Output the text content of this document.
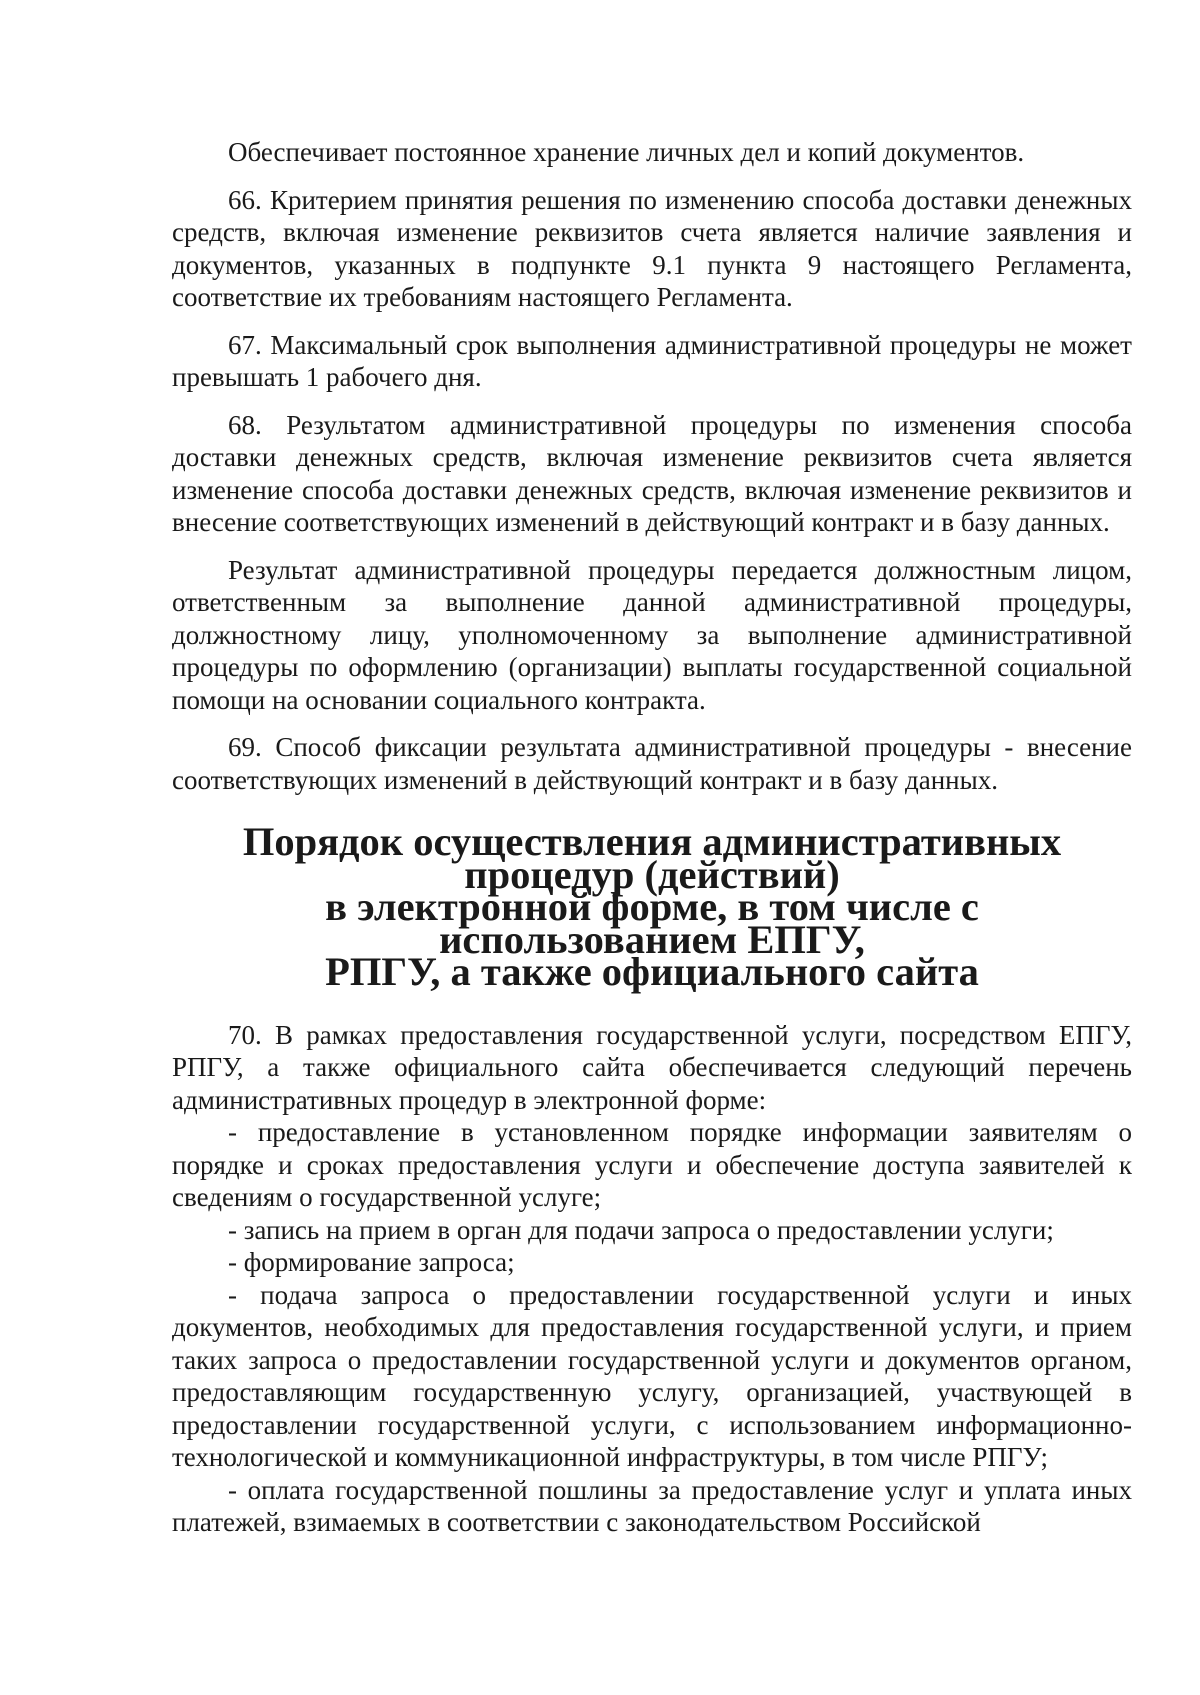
Обеспечивает постоянное хранение личных дел и копий документов.

66. Критерием принятия решения по изменению способа доставки денежных средств, включая изменение реквизитов счета является наличие заявления и документов, указанных в подпункте 9.1 пункта 9 настоящего Регламента, соответствие их требованиям настоящего Регламента.

67. Максимальный срок выполнения административной процедуры не может превышать 1 рабочего дня.

68. Результатом административной процедуры по изменения способа доставки денежных средств, включая изменение реквизитов счета является изменение способа доставки денежных средств, включая изменение реквизитов и внесение соответствующих изменений в действующий контракт и в базу данных.

Результат административной процедуры передается должностным лицом, ответственным за выполнение данной административной процедуры, должностному лицу, уполномоченному за выполнение административной процедуры по оформлению (организации) выплаты государственной социальной помощи на основании социального контракта.

69. Способ фиксации результата административной процедуры - внесение соответствующих изменений в действующий контракт и в базу данных.

Порядок осуществления административных процедур (действий)
в электронной форме, в том числе с использованием ЕПГУ,
РПГУ, а также официального сайта

70. В рамках предоставления государственной услуги, посредством ЕПГУ, РПГУ, а также официального сайта обеспечивается следующий перечень административных процедур в электронной форме:

- предоставление в установленном порядке информации заявителям о порядке и сроках предоставления услуги и обеспечение доступа заявителей к сведениям о государственной услуге;

- запись на прием в орган для подачи запроса о предоставлении услуги;

- формирование запроса;

- подача запроса о предоставлении государственной услуги и иных документов, необходимых для предоставления государственной услуги, и прием таких запроса о предоставлении государственной услуги и документов органом, предоставляющим государственную услугу, организацией, участвующей в предоставлении государственной услуги, с использованием информационно-технологической и коммуникационной инфраструктуры, в том числе РПГУ;

- оплата государственной пошлины за предоставление услуг и уплата иных платежей, взимаемых в соответствии с законодательством Российской
